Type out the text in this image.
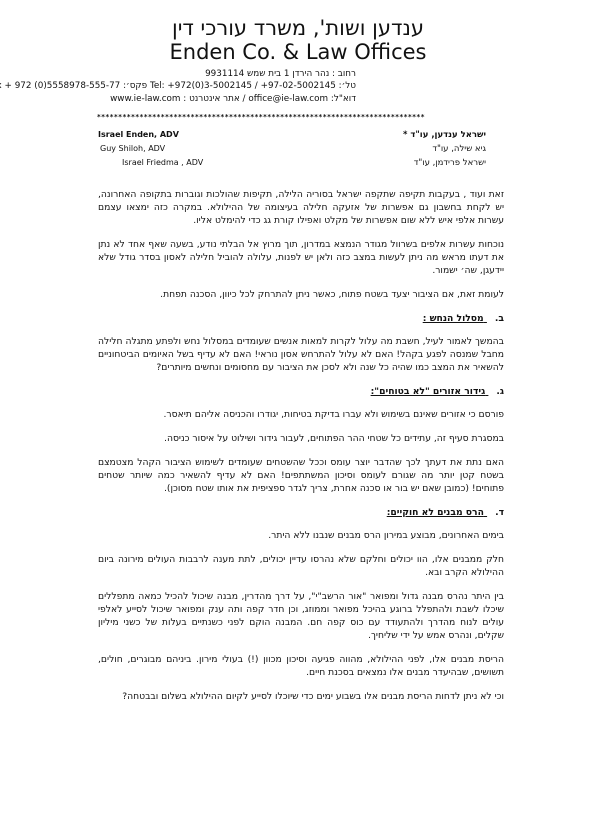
ענדען ושות', משרד עורכי דין
Enden Co. & Law Offices
רחוב : נהר הירדן 1 בית שמש 9931114
טל׳: 97-02-5002145+ / Tel: +972(0)3-5002145 פקס׳: 5558978-555-77(0) 972 +
דוא"ל: office@ie-law.com / אתר אינטרנט : www.ie-law.com
*****************************************************************************
ישראל ענדען, עו"ד *
גיא שילה, עו"ד
ישראל פרידמן, עו"ד
Israel Enden, ADV
Guy Shiloh, ADV
Israel Friedma , ADV

זאת ועוד , בעקבות תקיפה שתקפה ישראל בסוריה הלילה, תקיפות שהולכות וגוברות בתקופה האחרונה, יש לקחת בחשבון גם אפשרות של אזעקה חלילה בעיצומה של ההילולא. במקרה כזה ימצאו עצמם עשרות אלפי איש ללא שום אפשרות של מקלט ואפילו קורת גג כדי להימלט אליו.

נוכחות עשרות אלפים בשרוול מגודר הנמצא במדרון, תוך מרוץ אל הבלתי נודע, בשעה שאף אחד לא נתן את דעתו מראש מה ניתן לעשות במצב כזה ולאן יש לפנות, עלולה להוביל חלילה לאסון בסדר גודל שלא יידעגן, שה׳ ישמור.

לעומת זאת, אם הציבור יצעד בשטח פתוח, כאשר ניתן להתרחק לכל כיוון, הסכנה תפחת.

ב. מסלול הנחש :

בהמשך לאמור לעיל, חשבת מה עלול לקרות למאות אנשים שעומדים במסלול נחש ולפתע מתגלה חלילה מחבל שמנסה לפגע בקהל! האם לא עלול להתרחש אסון נוראי! האם לא עדיף בשל האיומים הביטחוניים להשאיר את המצב כמו שהיה כל שנה ולא לסכן את הציבור עם מחסומים ונחשים מיותרים?

ג. גידור אזורים "לא בטוחים":

פורסם כי אזורים שאינם בשימוש ולא עברו בדיקת בטיחות, יגודרו והכניסה אליהם תיאסר.

במסגרת סעיף זה, עתידים כל שטחי ההר הפתוחים, לעבור גידור ושילוט על איסור כניסה.

האם נתת את דעתך לכך שהדבר יוצר עומס וככל שהשטחים שעומדים לשימוש הציבור הקהל מצטמצם בשטח קטן יותר מה שגורם לעומס וסיכון המשתתפים! האם לא עדיף להשאיר כמה שיותר שטחים פתוחים! (כמובן שאם יש בור או סכנה אחרת, צריך לגדר ספציפית את אותו שטח מסוכן).

ד. הרס מבנים לא חוקיים:

בימים האחרונים, מבוצע במירון הרס מבנים שנבנו ללא היתר.

חלק ממבנים אלו, הוו יכולים וחלקם שלא נהרסו עדיין יכולים, לתת מענה לרבבות העולים מירונה ביום ההילולא הקרב ובא.

בין היתר נהרס מבנה גדול ומפואר "אור הרשב"י", על דרך מהדרין, מבנה שיכול להכיל כמאה מתפללים שיכלו לשבת ולהתפלל ברוגע בהיכל מפואר וממוזג, וכן חדר קפה ותה ענק ומפואר שיכול לסייע לאלפי עולים לנוח מהדרך ולהתעודד עם כוס קפה חם. המבנה הוקם לפני כשנתיים בעלות של כשני מיליון שקלים, ונהרס אמש על ידי שליחיך.

הריסת מבנים אלו, לפני ההילולא, מהווה פגיעה וסיכון מכוון (!) בעולי מירון. ביניהם מבוגרים, חולים, תשושים, שבהיעדר מבנים אלו נמצאים בסכנת חיים.

וכי לא ניתן לדחות הריסת מבנים אלו בשבוע ימים כדי שיוכלו לסייע לקיום ההילולא בשלום ובבטחה?
